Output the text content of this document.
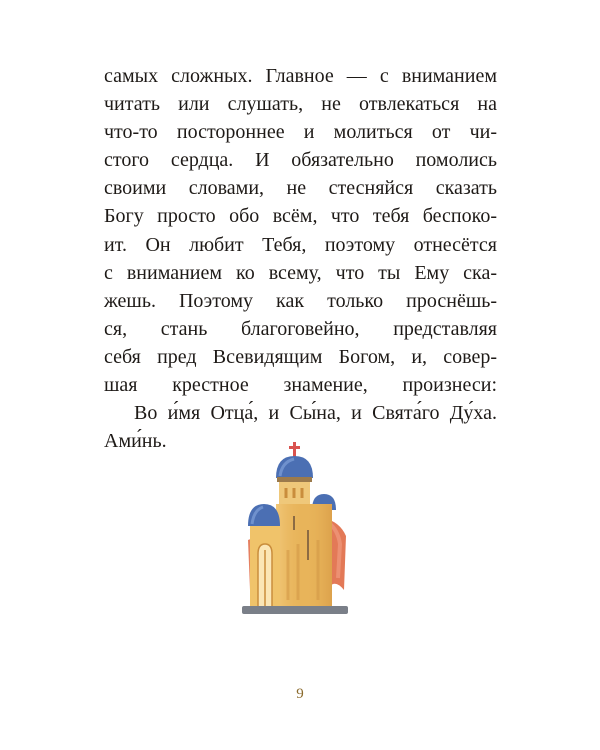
самых сложных. Главное — с вниманием
читать или слушать, не отвлекаться на
что-то постороннее и молиться от чи-
стого сердца. И обязательно помолись
своими словами, не стесняйся сказать
Богу просто обо всём, что тебя беспоко-
ит. Он любит Тебя, поэтому отнесётся
с вниманием ко всему, что ты Ему ска-
жешь. Поэтому как только проснёшь-
ся, стань благоговейно, представляя
себя пред Всевидящим Богом, и, совер-
шая крестное знамение, произнеси:
Во и́мя Отца́, и Сы́на, и Свята́го Ду́ха.
Ами́нь.
9
